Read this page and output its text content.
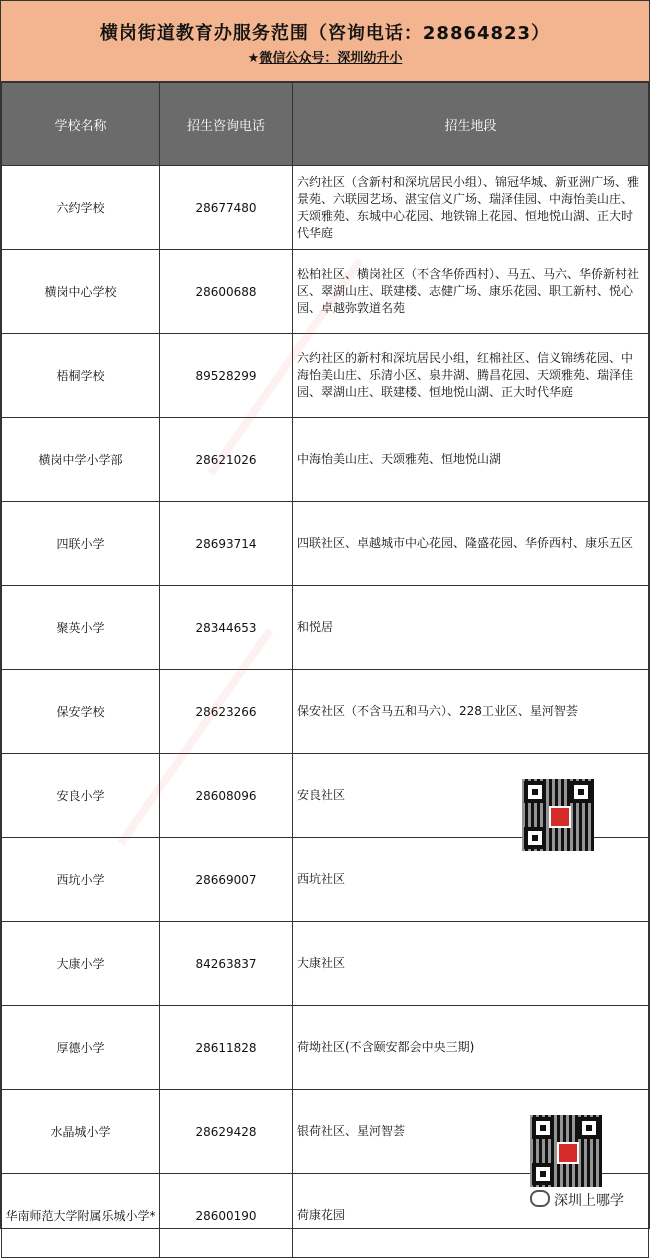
横岗街道教育办服务范围（咨询电话：28864823）
★微信公众号：深圳幼升小
学校名称	招生咨询电话	招生地段
六约学校	28677480	六约社区（含新村和深坑居民小组）、锦冠华城、新亚洲广场、雅景苑、六联园艺场、湛宝信义广场、瑞泽佳园、中海怡美山庄、天颂雅苑、东城中心花园、地铁锦上花园、恒地悦山湖、正大时代华庭
横岗中心学校	28600688	松柏社区、横岗社区（不含华侨西村）、马五、马六、华侨新村社区、翠湖山庄、联建楼、志健广场、康乐花园、职工新村、悦心园、卓越弥敦道名苑
梧桐学校	89528299	六约社区的新村和深坑居民小组，红棉社区、信义锦绣花园、中海怡美山庄、乐清小区、泉井湖、腾昌花园、天颂雅苑、瑞泽佳园、翠湖山庄、联建楼、恒地悦山湖、正大时代华庭
横岗中学小学部	28621026	中海怡美山庄、天颂雅苑、恒地悦山湖
四联小学	28693714	四联社区、卓越城市中心花园、隆盛花园、华侨西村、康乐五区
聚英小学	28344653	和悦居
保安学校	28623266	保安社区（不含马五和马六）、228工业区、星河智荟
安良小学	28608096	安良社区
西坑小学	28669007	西坑社区
大康小学	84263837	大康社区
厚德小学	28611828	荷坳社区(不含颐安都会中央三期)
水晶城小学	28629428	银荷社区、星河智荟
华南师范大学附属乐城小学*	28600190	荷康花园
深圳上哪学
